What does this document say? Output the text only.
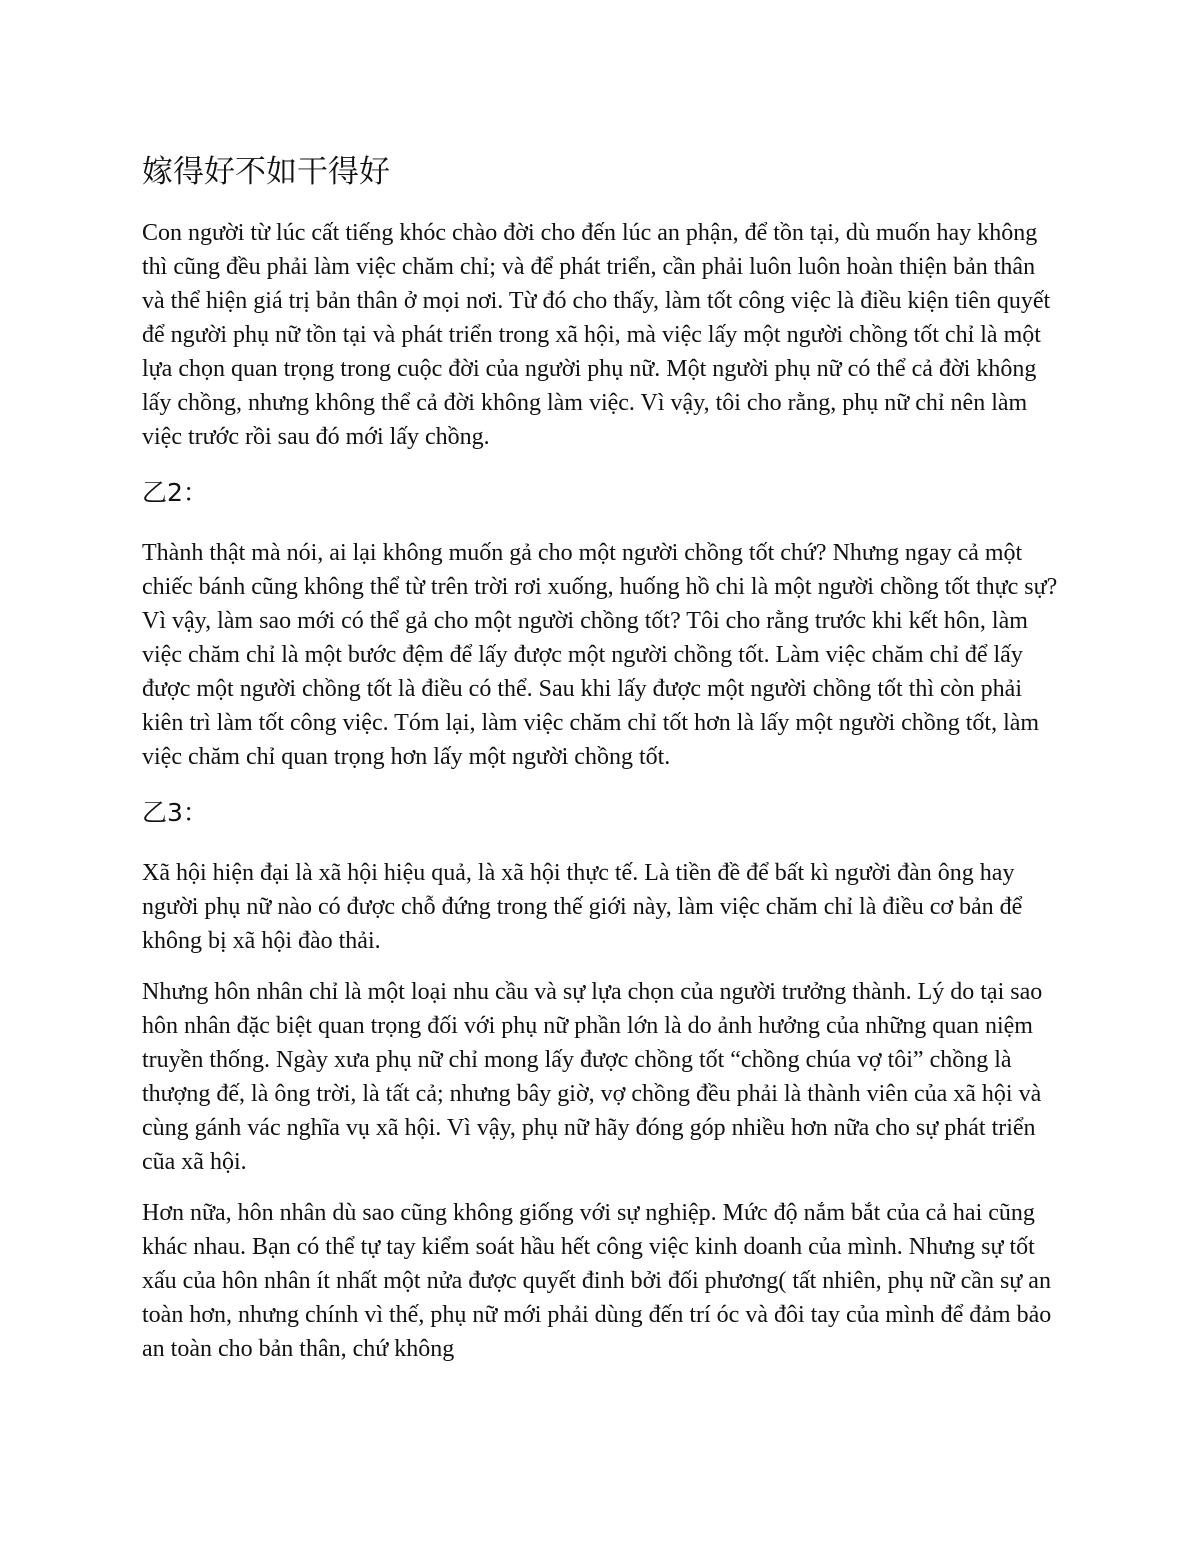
嫁得好不如干得好

Con người từ lúc cất tiếng khóc chào đời cho đến lúc an phận, để tồn tại, dù muốn hay không thì cũng đều phải làm việc chăm chỉ; và để phát triển, cần phải luôn luôn hoàn thiện bản thân và thể hiện giá trị bản thân ở mọi nơi. Từ đó cho thấy, làm tốt công việc là điều kiện tiên quyết để người phụ nữ tồn tại và phát triển trong xã hội, mà việc lấy một người chồng tốt chỉ là một lựa chọn quan trọng trong cuộc đời của người phụ nữ. Một người phụ nữ có thể cả đời không lấy chồng, nhưng không thể cả đời không làm việc. Vì vậy, tôi cho rằng, phụ nữ chỉ nên làm việc trước rồi sau đó mới lấy chồng.

乙2：

Thành thật mà nói, ai lại không muốn gả cho một người chồng tốt chứ? Nhưng ngay cả một chiếc bánh cũng không thể từ trên trời rơi xuống, huống hồ chi là một người chồng tốt thực sự? Vì vậy, làm sao mới có thể gả cho một người chồng tốt? Tôi cho rằng trước khi kết hôn, làm việc chăm chỉ là một bước đệm để lấy được một người chồng tốt. Làm việc chăm chỉ để lấy được một người chồng tốt là điều có thể. Sau khi lấy được một người chồng tốt thì còn phải kiên trì làm tốt công việc. Tóm lại, làm việc chăm chỉ tốt hơn là lấy một người chồng tốt, làm việc chăm chỉ quan trọng hơn lấy một người chồng tốt.

乙3：

Xã hội hiện đại là xã hội hiệu quả, là xã hội thực tế. Là tiền đề để bất kì người đàn ông hay người phụ nữ nào có được chỗ đứng trong thế giới này, làm việc chăm chỉ là điều cơ bản để không bị xã hội đào thải.

Nhưng hôn nhân chỉ là một loại nhu cầu và sự lựa chọn của người trưởng thành. Lý do tại sao hôn nhân đặc biệt quan trọng đối với phụ nữ phần lớn là do ảnh hưởng của những quan niệm truyền thống. Ngày xưa phụ nữ chỉ mong lấy được chồng tốt “chồng chúa vợ tôi” chồng là thượng đế, là ông trời, là tất cả; nhưng bây giờ, vợ chồng đều phải là thành viên của xã hội và cùng gánh vác nghĩa vụ xã hội. Vì vậy, phụ nữ hãy đóng góp nhiều hơn nữa cho sự phát triển cũa xã hội.

Hơn nữa, hôn nhân dù sao cũng không giống với sự nghiệp. Mức độ nắm bắt của cả hai cũng khác nhau. Bạn có thể tự tay kiểm soát hầu hết công việc kinh doanh của mình. Nhưng sự tốt xấu của hôn nhân ít nhất một nửa được quyết đinh bởi đối phương( tất nhiên, phụ nữ cần sự an toàn hơn, nhưng chính vì thế, phụ nữ mới phải dùng đến trí óc và đôi tay của mình để đảm bảo an toàn cho bản thân, chứ không
